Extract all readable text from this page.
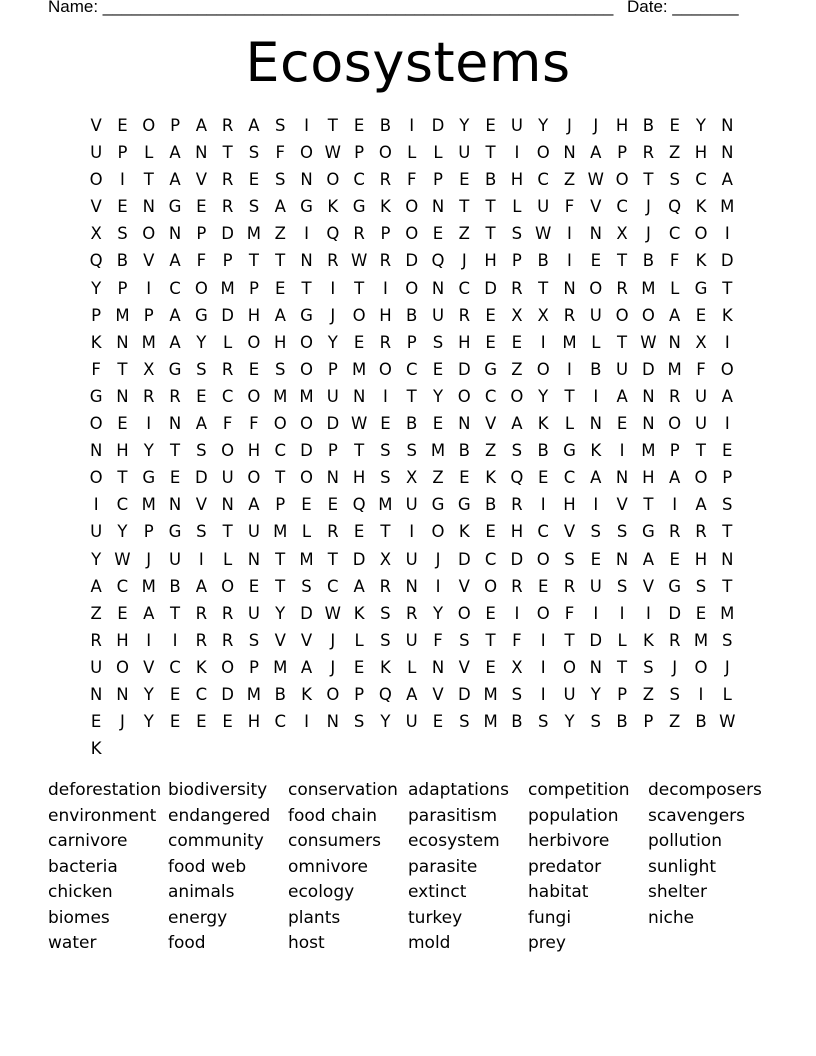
Name: ______________________________________________________ Date: _______
Ecosystems
V E O P A R A S	I	T E B	I	D Y E U Y	J	J	H B E Y N
U P	L A N T S F O W P O L	L U T	I	O N A P R Z H N
O	I	T A V R E S N O C R F	P E B H C Z W O T S C A
V E N G E R S A G K G K O N T T	L U F V C	J	Q K M
X S O N P D M Z	I	Q R P O E Z T S W I	N X	J	C O	I
Q B V A F	P T T N R W R D Q	J	H P B	I	E T B F K D
Y P	I	C O M P E T	I	T	I	O N C D R T N O R M L G T
P M P A G D H A G	J	O H B U R E X X R U O O A E K
K N M A Y	L O H O Y E R P S H E E	I	M L	T W N X	I
F	T X G S R E S O P M O C E D G Z O	I	B U D M F O
G N R R E C O M M U N	I	T Y O C O Y T	I	A N R U A
O E	I	N A F	F O O D W E B E N V A K L N E N O U	I
N H Y T S O H C D P T S S M B Z S B G K	I	M P T E
O T G E D U O T O N H S X Z E K Q E C A N H A O P
I	C M N V N A P E E Q M U G G B R	I	H	I	V T	I	A S
U Y P G S T U M L R E T	I	O K E H C V S S G R R T
Y W J	U	I	L N T M T D X U	J	D C D O S E N A E H N
A C M B A O E T S C A R N	I	V O R E R U S V G S T
Z E A T R R U Y D W K S R Y O E	I	O F	I	I	I	D E M
R H	I	I	R R S V V	J	L S U F S T	F	I	T D L K R M S
U O V C K O P M A	J	E K L N V E X	I	O N T S	J	O	J
N N Y E C D M B K O P Q A V D M S	I	U Y P Z S	I	L
E	J	Y E E E H C	I	N S Y U E S M B S Y S B P Z B W
K
deforestation biodiversity	conservation adaptations	competition	decomposers
environment endangered	food chain	parasitism	population	scavengers
carnivore	community	consumers	ecosystem	herbivore	pollution
bacteria	food web	omnivore	parasite	predator	sunlight
chicken	animals	ecology	extinct	habitat	shelter
biomes	energy	plants	turkey	fungi	niche
water	food	host	mold	prey
